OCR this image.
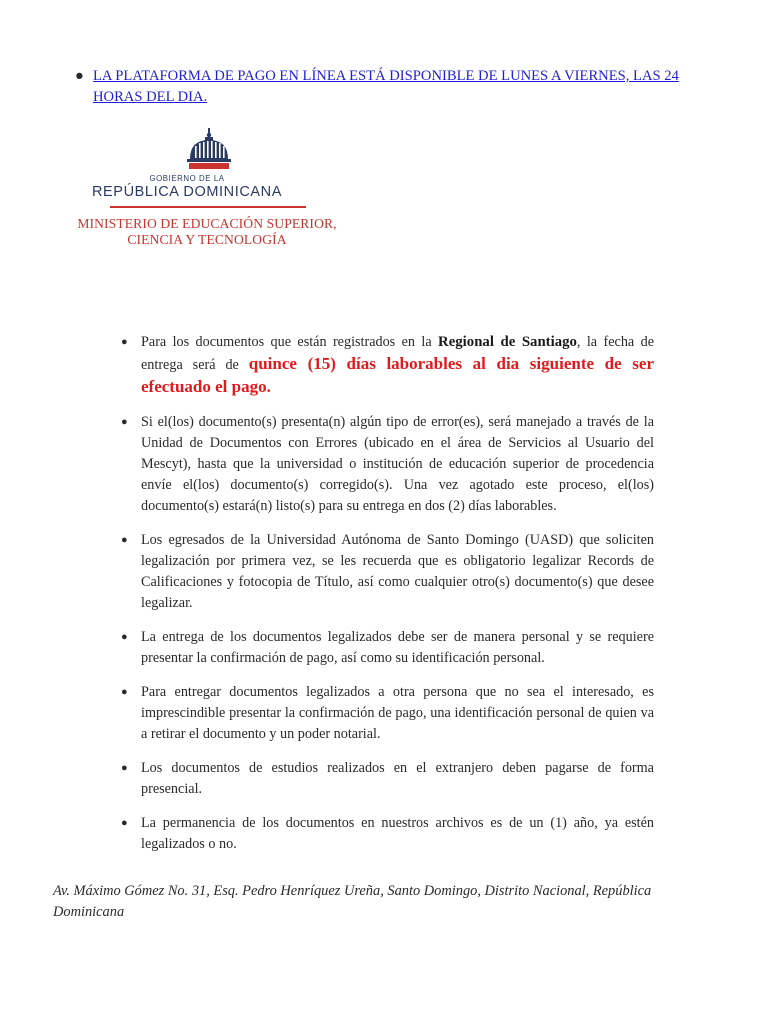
● LA PLATAFORMA DE PAGO EN LÍNEA ESTÁ DISPONIBLE DE LUNES A VIERNES, LAS 24 HORAS DEL DIA.
GOBIERNO DE LA
REPÚBLICA DOMINICANA
MINISTERIO DE EDUCACIÓN SUPERIOR,
CIENCIA Y TECNOLOGÍA
● Para los documentos que están registrados en la Regional de Santiago, la fecha de entrega será de quince (15) días laborables al dia siguiente de ser efectuado el pago.
● Si el(los) documento(s) presenta(n) algún tipo de error(es), será manejado a través de la Unidad de Documentos con Errores (ubicado en el área de Servicios al Usuario del Mescyt), hasta que la universidad o institución de educación superior de procedencia envíe el(los) documento(s) corregido(s). Una vez agotado este proceso, el(los) documento(s) estará(n) listo(s) para su entrega en dos (2) días laborables.
● Los egresados de la Universidad Autónoma de Santo Domingo (UASD) que soliciten legalización por primera vez, se les recuerda que es obligatorio legalizar Records de Calificaciones y fotocopia de Título, así como cualquier otro(s) documento(s) que desee legalizar.
● La entrega de los documentos legalizados debe ser de manera personal y se requiere presentar la confirmación de pago, así como su identificación personal.
● Para entregar documentos legalizados a otra persona que no sea el interesado, es imprescindible presentar la confirmación de pago, una identificación personal de quien va a retirar el documento y un poder notarial.
● Los documentos de estudios realizados en el extranjero deben pagarse de forma presencial.
● La permanencia de los documentos en nuestros archivos es de un (1) año, ya estén legalizados o no.
Av. Máximo Gómez No. 31, Esq. Pedro Henríquez Ureña, Santo Domingo, Distrito Nacional, República Dominicana
